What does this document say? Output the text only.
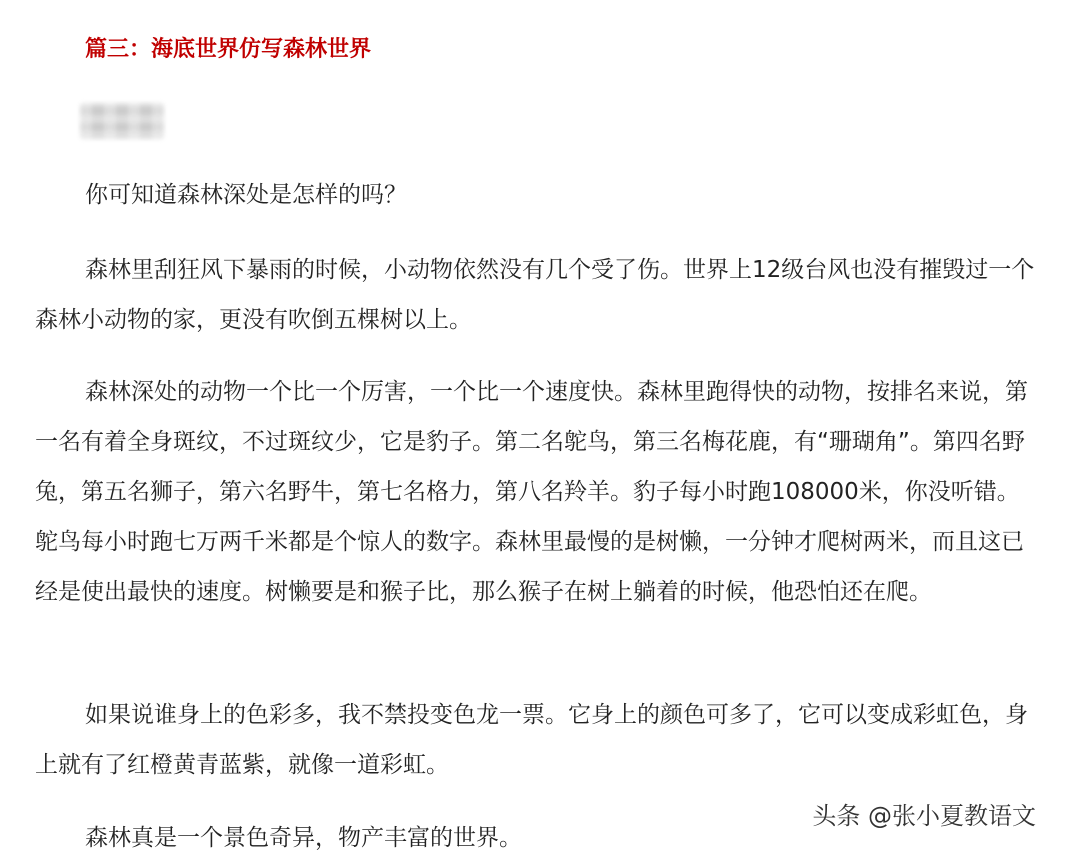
篇三：海底世界仿写森林世界

你可知道森林深处是怎样的吗？

森林里刮狂风下暴雨的时候，小动物依然没有几个受了伤。世界上12级台风也没有摧毁过一个森林小动物的家，更没有吹倒五棵树以上。

森林深处的动物一个比一个厉害，一个比一个速度快。森林里跑得快的动物，按排名来说，第一名有着全身斑纹，不过斑纹少，它是豹子。第二名鸵鸟，第三名梅花鹿，有“珊瑚角”。第四名野兔，第五名狮子，第六名野牛，第七名格力，第八名羚羊。豹子每小时跑108000米，你没听错。鸵鸟每小时跑七万两千米都是个惊人的数字。森林里最慢的是树懒，一分钟才爬树两米，而且这已经是使出最快的速度。树懒要是和猴子比，那么猴子在树上躺着的时候，他恐怕还在爬。

如果说谁身上的色彩多，我不禁投变色龙一票。它身上的颜色可多了，它可以变成彩虹色，身上就有了红橙黄青蓝紫，就像一道彩虹。

森林真是一个景色奇异，物产丰富的世界。

头条 @张小夏教语文
